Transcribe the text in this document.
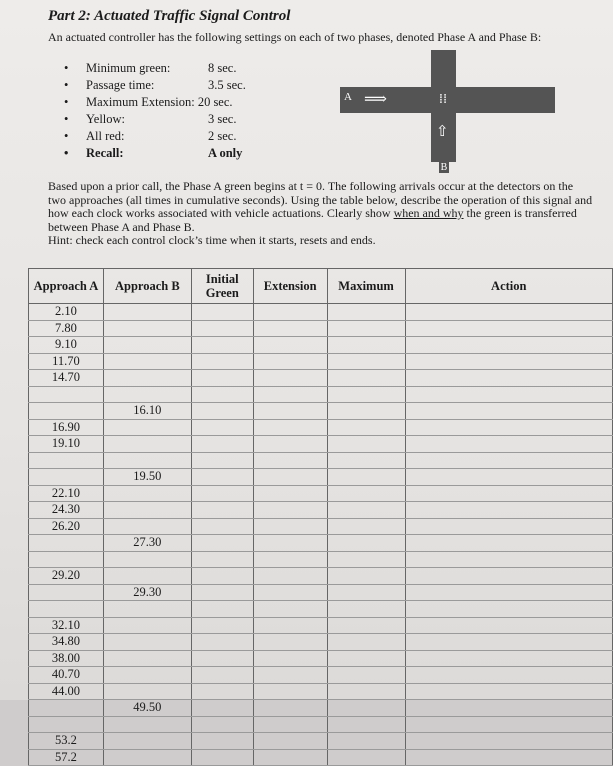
Part 2: Actuated Traffic Signal Control
An actuated controller has the following settings on each of two phases, denoted Phase A and Phase B:
• Minimum green:	8 sec.
• Passage time:	3.5 sec.
• Maximum Extension: 20 sec.
• Yellow:	3 sec.
• All red:	2 sec.
• Recall:	A only
A ⟹	⁞⁞
⇧
B

Based upon a prior call, the Phase A green begins at t = 0. The following arrivals occur at the detectors on the two approaches (all times in cumulative seconds). Using the table below, describe the operation of this signal and how each clock works associated with vehicle actuations. Clearly show when and why the green is transferred between Phase A and Phase B.

Hint: check each control clock’s time when it starts, resets and ends.

Approach A	Approach B	Initial Green	Extension	Maximum	Action
2.10					
7.80					
9.10					
11.70					
14.70					

	16.10				
16.90					
19.10					

	19.50				
22.10					
24.30					
26.20					
	27.30				

29.20					
	29.30				

32.10					
34.80					
38.00					
40.70					
44.00					
	49.50				

53.2					
57.2					
